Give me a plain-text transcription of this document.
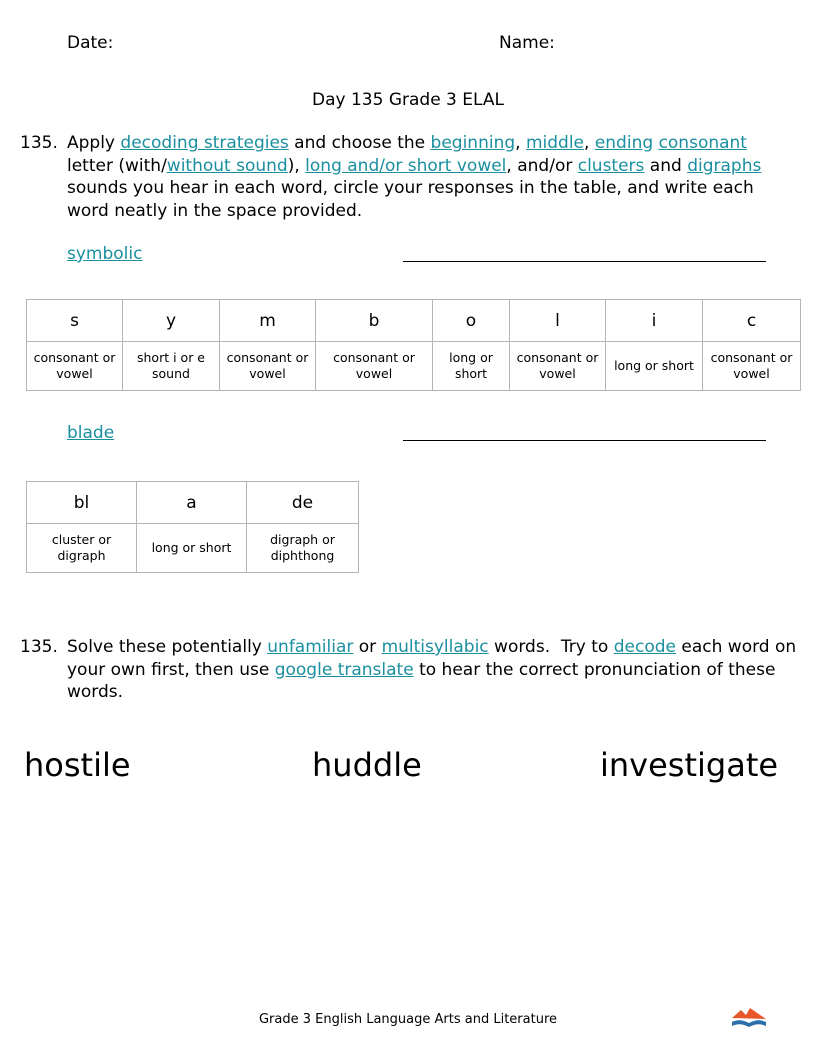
Date:	Name:
Day 135 Grade 3 ELAL
135. Apply decoding strategies and choose the beginning, middle, ending consonant letter (with/without sound), long and/or short vowel, and/or clusters and digraphs sounds you hear in each word, circle your responses in the table, and write each word neatly in the space provided.
symbolic
s	y	m	b	o	l	i	c
consonant or vowel	short i or e sound	consonant or vowel	consonant or vowel	long or short	consonant or vowel	long or short	consonant or vowel
blade
bl	a	de
cluster or digraph	long or short	digraph or diphthong
135. Solve these potentially unfamiliar or multisyllabic words.  Try to decode each word on your own first, then use google translate to hear the correct pronunciation of these words.
hostile	huddle	investigate
Grade 3 English Language Arts and Literature
